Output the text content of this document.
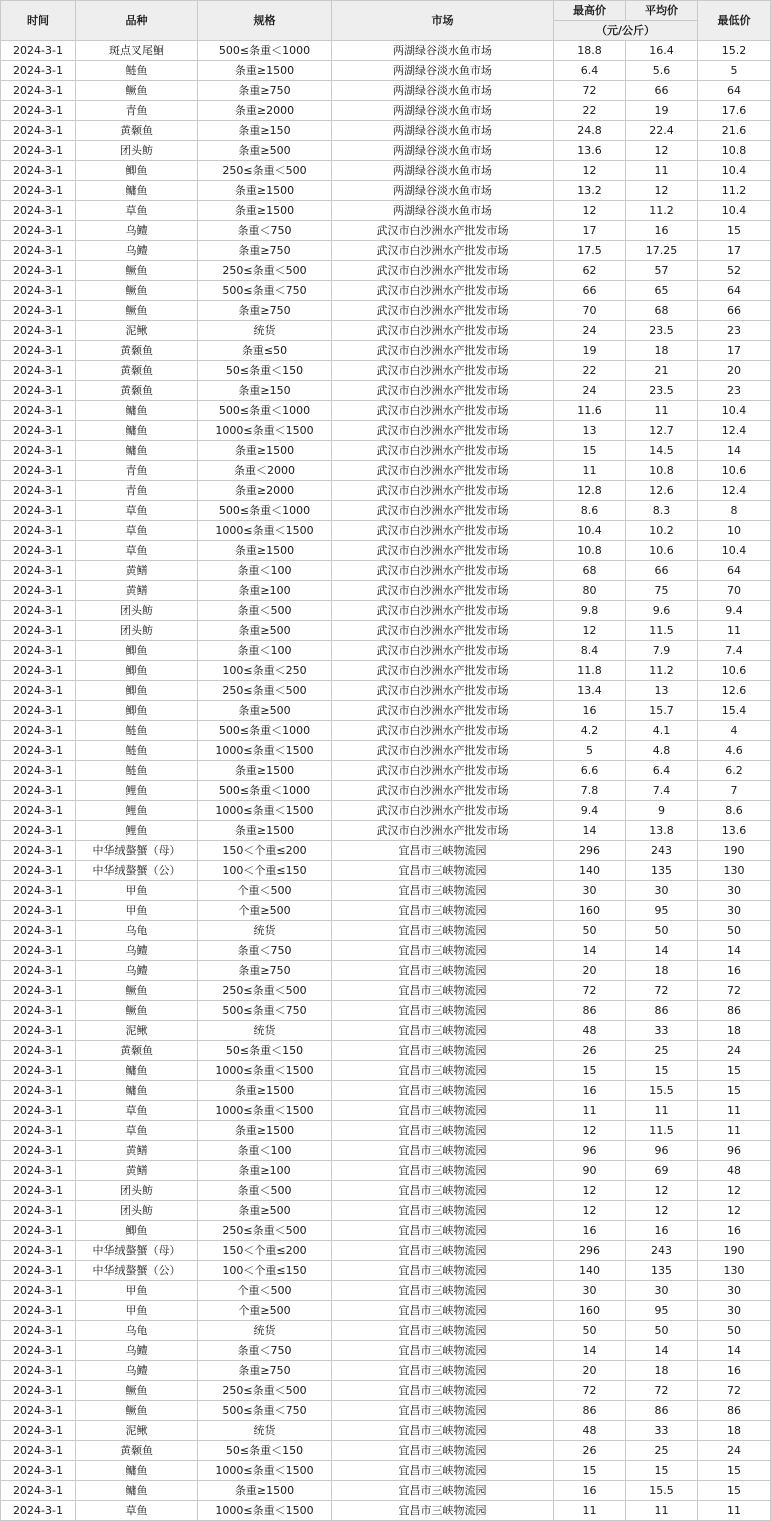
时间	品种	规格	市场	最高价	平均价	最低价
				（元/公斤）		
2024-3-1	斑点叉尾鮰	500≤条重＜1000	两湖绿谷淡水鱼市场	18.8	16.4	15.2
2024-3-1	鲢鱼	条重≥1500	两湖绿谷淡水鱼市场	6.4	5.6	5
2024-3-1	鳜鱼	条重≥750	两湖绿谷淡水鱼市场	72	66	64
2024-3-1	青鱼	条重≥2000	两湖绿谷淡水鱼市场	22	19	17.6
2024-3-1	黄颡鱼	条重≥150	两湖绿谷淡水鱼市场	24.8	22.4	21.6
2024-3-1	团头鲂	条重≥500	两湖绿谷淡水鱼市场	13.6	12	10.8
2024-3-1	鲫鱼	250≤条重＜500	两湖绿谷淡水鱼市场	12	11	10.4
2024-3-1	鳙鱼	条重≥1500	两湖绿谷淡水鱼市场	13.2	12	11.2
2024-3-1	草鱼	条重≥1500	两湖绿谷淡水鱼市场	12	11.2	10.4
2024-3-1	乌鳢	条重＜750	武汉市白沙洲水产批发市场	17	16	15
2024-3-1	乌鳢	条重≥750	武汉市白沙洲水产批发市场	17.5	17.25	17
2024-3-1	鳜鱼	250≤条重＜500	武汉市白沙洲水产批发市场	62	57	52
2024-3-1	鳜鱼	500≤条重＜750	武汉市白沙洲水产批发市场	66	65	64
2024-3-1	鳜鱼	条重≥750	武汉市白沙洲水产批发市场	70	68	66
2024-3-1	泥鳅	统货	武汉市白沙洲水产批发市场	24	23.5	23
2024-3-1	黄颡鱼	条重≤50	武汉市白沙洲水产批发市场	19	18	17
2024-3-1	黄颡鱼	50≤条重＜150	武汉市白沙洲水产批发市场	22	21	20
2024-3-1	黄颡鱼	条重≥150	武汉市白沙洲水产批发市场	24	23.5	23
2024-3-1	鳙鱼	500≤条重＜1000	武汉市白沙洲水产批发市场	11.6	11	10.4
2024-3-1	鳙鱼	1000≤条重＜1500	武汉市白沙洲水产批发市场	13	12.7	12.4
2024-3-1	鳙鱼	条重≥1500	武汉市白沙洲水产批发市场	15	14.5	14
2024-3-1	青鱼	条重＜2000	武汉市白沙洲水产批发市场	11	10.8	10.6
2024-3-1	青鱼	条重≥2000	武汉市白沙洲水产批发市场	12.8	12.6	12.4
2024-3-1	草鱼	500≤条重＜1000	武汉市白沙洲水产批发市场	8.6	8.3	8
2024-3-1	草鱼	1000≤条重＜1500	武汉市白沙洲水产批发市场	10.4	10.2	10
2024-3-1	草鱼	条重≥1500	武汉市白沙洲水产批发市场	10.8	10.6	10.4
2024-3-1	黄鳝	条重＜100	武汉市白沙洲水产批发市场	68	66	64
2024-3-1	黄鳝	条重≥100	武汉市白沙洲水产批发市场	80	75	70
2024-3-1	团头鲂	条重＜500	武汉市白沙洲水产批发市场	9.8	9.6	9.4
2024-3-1	团头鲂	条重≥500	武汉市白沙洲水产批发市场	12	11.5	11
2024-3-1	鲫鱼	条重＜100	武汉市白沙洲水产批发市场	8.4	7.9	7.4
2024-3-1	鲫鱼	100≤条重＜250	武汉市白沙洲水产批发市场	11.8	11.2	10.6
2024-3-1	鲫鱼	250≤条重＜500	武汉市白沙洲水产批发市场	13.4	13	12.6
2024-3-1	鲫鱼	条重≥500	武汉市白沙洲水产批发市场	16	15.7	15.4
2024-3-1	鲢鱼	500≤条重＜1000	武汉市白沙洲水产批发市场	4.2	4.1	4
2024-3-1	鲢鱼	1000≤条重＜1500	武汉市白沙洲水产批发市场	5	4.8	4.6
2024-3-1	鲢鱼	条重≥1500	武汉市白沙洲水产批发市场	6.6	6.4	6.2
2024-3-1	鲤鱼	500≤条重＜1000	武汉市白沙洲水产批发市场	7.8	7.4	7
2024-3-1	鲤鱼	1000≤条重＜1500	武汉市白沙洲水产批发市场	9.4	9	8.6
2024-3-1	鲤鱼	条重≥1500	武汉市白沙洲水产批发市场	14	13.8	13.6
2024-3-1	中华绒螯蟹（母）	150＜个重≤200	宜昌市三峡物流园	296	243	190
2024-3-1	中华绒螯蟹（公）	100＜个重≤150	宜昌市三峡物流园	140	135	130
2024-3-1	甲鱼	个重＜500	宜昌市三峡物流园	30	30	30
2024-3-1	甲鱼	个重≥500	宜昌市三峡物流园	160	95	30
2024-3-1	乌龟	统货	宜昌市三峡物流园	50	50	50
2024-3-1	乌鳢	条重＜750	宜昌市三峡物流园	14	14	14
2024-3-1	乌鳢	条重≥750	宜昌市三峡物流园	20	18	16
2024-3-1	鳜鱼	250≤条重＜500	宜昌市三峡物流园	72	72	72
2024-3-1	鳜鱼	500≤条重＜750	宜昌市三峡物流园	86	86	86
2024-3-1	泥鳅	统货	宜昌市三峡物流园	48	33	18
2024-3-1	黄颡鱼	50≤条重＜150	宜昌市三峡物流园	26	25	24
2024-3-1	鳙鱼	1000≤条重＜1500	宜昌市三峡物流园	15	15	15
2024-3-1	鳙鱼	条重≥1500	宜昌市三峡物流园	16	15.5	15
2024-3-1	草鱼	1000≤条重＜1500	宜昌市三峡物流园	11	11	11
2024-3-1	草鱼	条重≥1500	宜昌市三峡物流园	12	11.5	11
2024-3-1	黄鳝	条重＜100	宜昌市三峡物流园	96	96	96
2024-3-1	黄鳝	条重≥100	宜昌市三峡物流园	90	69	48
2024-3-1	团头鲂	条重＜500	宜昌市三峡物流园	12	12	12
2024-3-1	团头鲂	条重≥500	宜昌市三峡物流园	12	12	12
2024-3-1	鲫鱼	250≤条重＜500	宜昌市三峡物流园	16	16	16
2024-3-1	中华绒螯蟹（母）	150＜个重≤200	宜昌市三峡物流园	296	243	190
2024-3-1	中华绒螯蟹（公）	100＜个重≤150	宜昌市三峡物流园	140	135	130
2024-3-1	甲鱼	个重＜500	宜昌市三峡物流园	30	30	30
2024-3-1	甲鱼	个重≥500	宜昌市三峡物流园	160	95	30
2024-3-1	乌龟	统货	宜昌市三峡物流园	50	50	50
2024-3-1	乌鳢	条重＜750	宜昌市三峡物流园	14	14	14
2024-3-1	乌鳢	条重≥750	宜昌市三峡物流园	20	18	16
2024-3-1	鳜鱼	250≤条重＜500	宜昌市三峡物流园	72	72	72
2024-3-1	鳜鱼	500≤条重＜750	宜昌市三峡物流园	86	86	86
2024-3-1	泥鳅	统货	宜昌市三峡物流园	48	33	18
2024-3-1	黄颡鱼	50≤条重＜150	宜昌市三峡物流园	26	25	24
2024-3-1	鳙鱼	1000≤条重＜1500	宜昌市三峡物流园	15	15	15
2024-3-1	鳙鱼	条重≥1500	宜昌市三峡物流园	16	15.5	15
2024-3-1	草鱼	1000≤条重＜1500	宜昌市三峡物流园	11	11	11
